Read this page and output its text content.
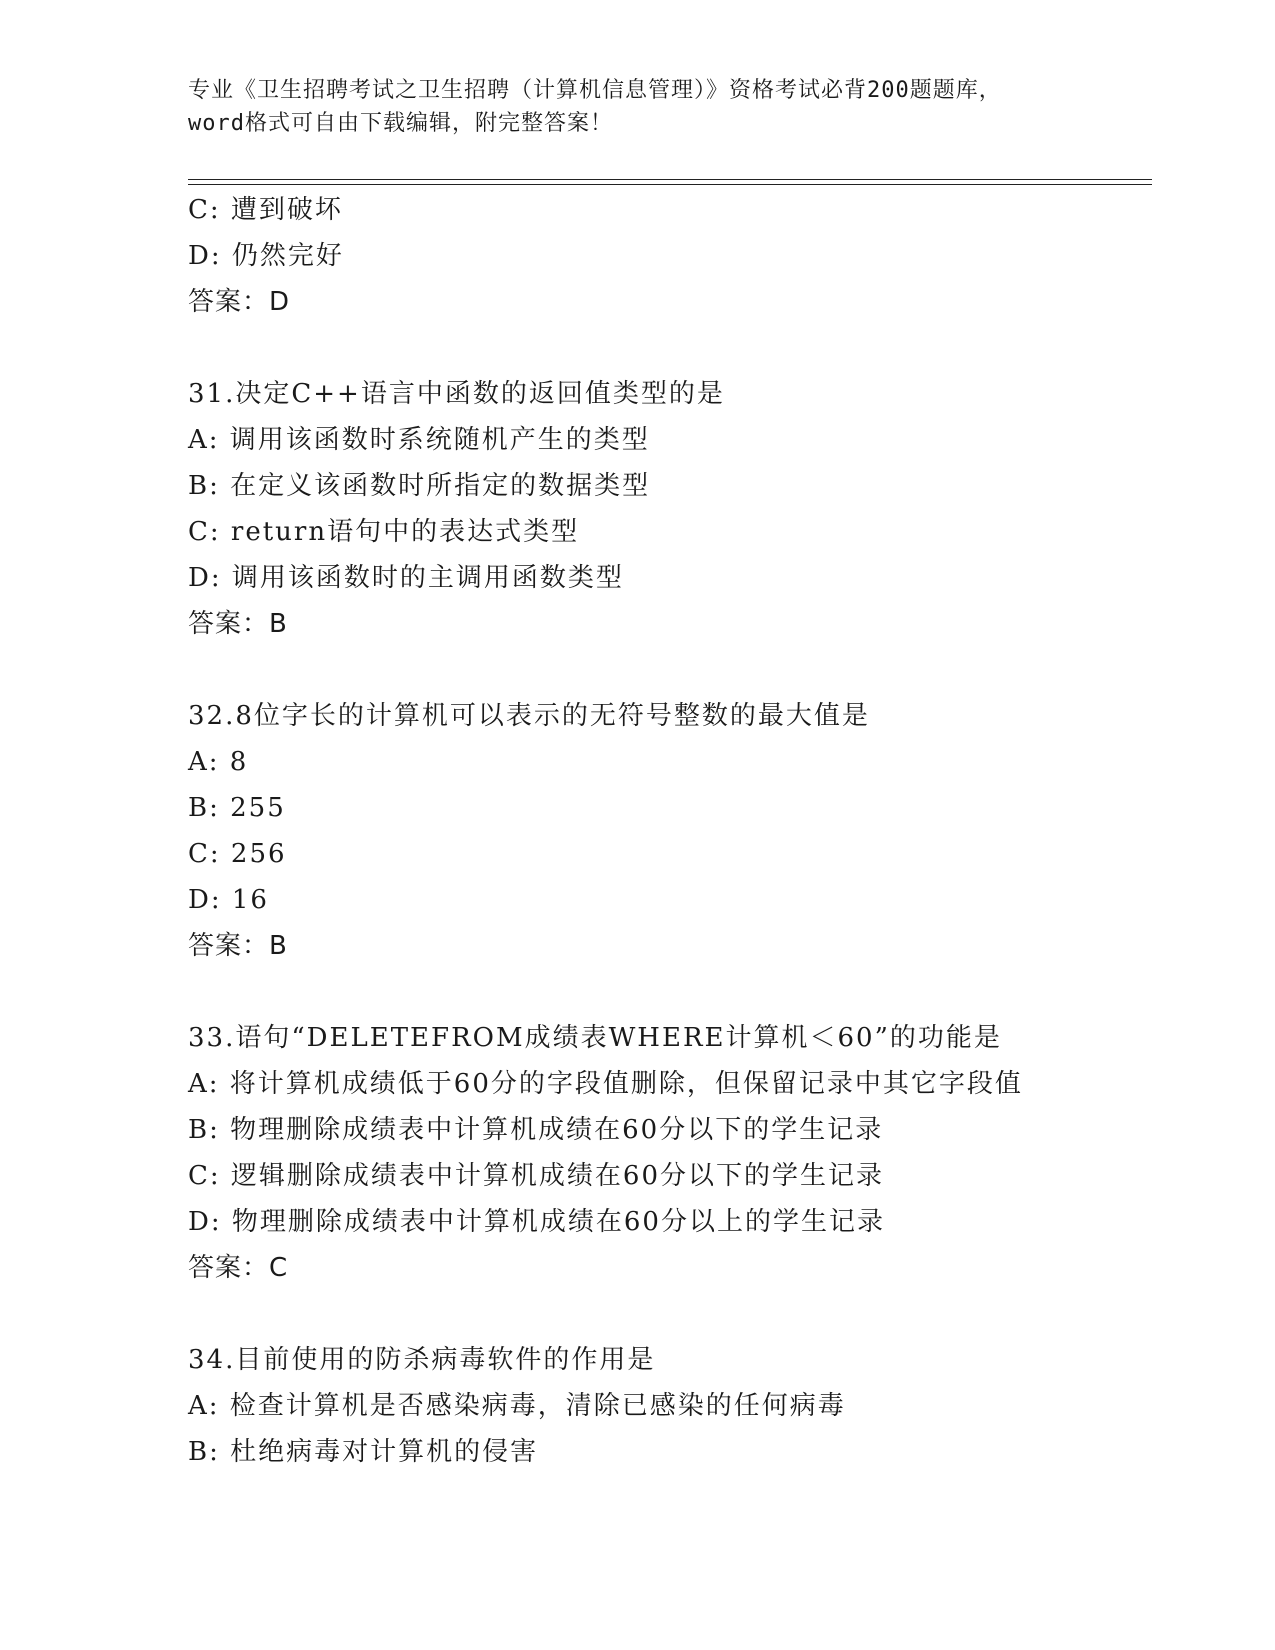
专业《卫生招聘考试之卫生招聘（计算机信息管理）》资格考试必背200题题库，
word格式可自由下载编辑，附完整答案！
C: 遭到破坏
D: 仍然完好
答案：D
31.决定C++语言中函数的返回值类型的是
A: 调用该函数时系统随机产生的类型
B: 在定义该函数时所指定的数据类型
C: return语句中的表达式类型
D: 调用该函数时的主调用函数类型
答案：B
32.8位字长的计算机可以表示的无符号整数的最大值是
A: 8
B: 255
C: 256
D: 16
答案：B
33.语句“DELETEFROM成绩表WHERE计算机＜60”的功能是
A: 将计算机成绩低于60分的字段值删除，但保留记录中其它字段值
B: 物理删除成绩表中计算机成绩在60分以下的学生记录
C: 逻辑删除成绩表中计算机成绩在60分以下的学生记录
D: 物理删除成绩表中计算机成绩在60分以上的学生记录
答案：C
34.目前使用的防杀病毒软件的作用是
A: 检查计算机是否感染病毒，清除已感染的任何病毒
B: 杜绝病毒对计算机的侵害
